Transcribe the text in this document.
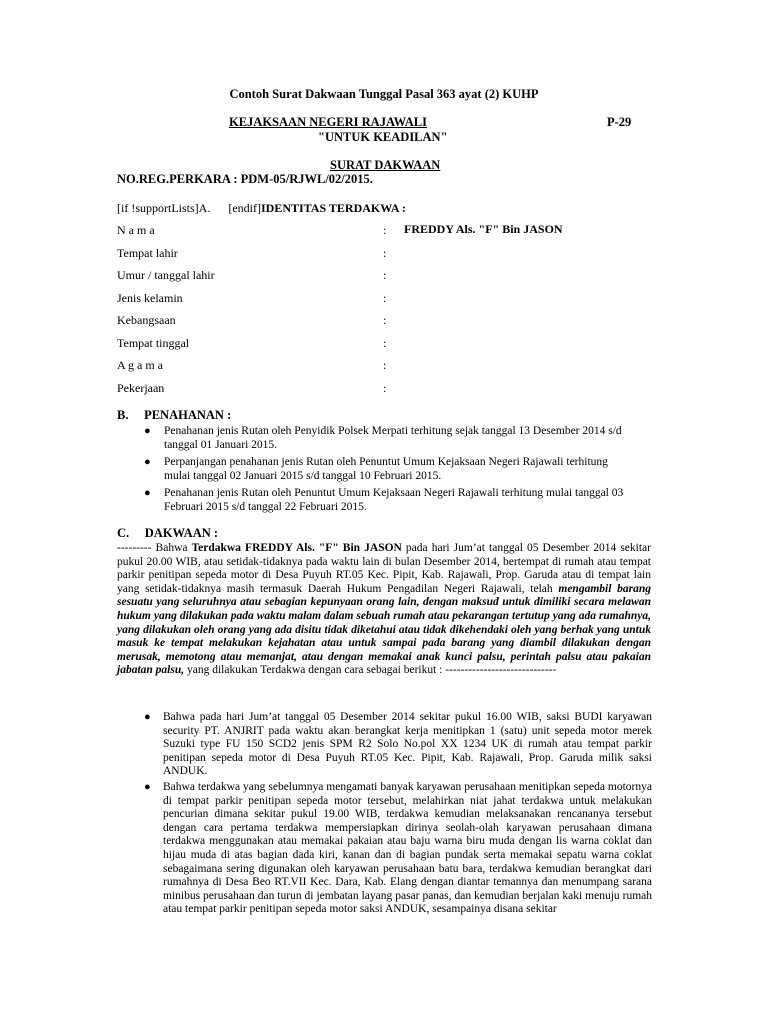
Contoh Surat Dakwaan Tunggal Pasal 363 ayat (2) KUHP
KEJAKSAAN NEGERI RAJAWALI	P-29
"UNTUK KEADILAN"
SURAT DAKWAAN
NO.REG.PERKARA : PDM-05/RJWL/02/2015.
[if !supportLists]A. [endif]IDENTITAS TERDAKWA :
N a m a	: FREDDY Als. "F" Bin JASON
Tempat lahir	:
Umur / tanggal lahir	:
Jenis kelamin	:
Kebangsaan	:
Tempat tinggal	:
A g a m a	:
Pekerjaan	:
B.     PENAHANAN :
● Penahanan jenis Rutan oleh Penyidik Polsek Merpati terhitung sejak tanggal 13 Desember 2014 s/d tanggal 01 Januari 2015.
● Perpanjangan penahanan jenis Rutan oleh Penuntut Umum Kejaksaan Negeri Rajawali terhitung mulai tanggal 02 Januari 2015 s/d tanggal 10 Februari 2015.
● Penahanan jenis Rutan oleh Penuntut Umum Kejaksaan Negeri Rajawali terhitung mulai tanggal 03 Februari 2015 s/d tanggal 22 Februari 2015.
C.     DAKWAAN :
--------- Bahwa Terdakwa FREDDY Als. "F" Bin JASON pada hari Jum’at tanggal 05 Desember 2014 sekitar pukul 20.00 WIB, atau setidak-tidaknya pada waktu lain di bulan Desember 2014, bertempat di rumah atau tempat parkir penitipan sepeda motor di Desa Puyuh RT.05 Kec. Pipit, Kab. Rajawali, Prop. Garuda atau di tempat lain yang setidak-tidaknya masih termasuk Daerah Hukum Pengadilan Negeri Rajawali, telah mengambil barang sesuatu yang seluruhnya atau sebagian kepunyaan orang lain, dengan maksud untuk dimiliki secara melawan hukum yang dilakukan pada waktu malam dalam sebuah rumah atau pekarangan tertutup yang ada rumahnya, yang dilakukan oleh orang yang ada disitu tidak diketahui atau tidak dikehendaki oleh yang berhak yang untuk masuk ke tempat melakukan kejahatan atau untuk sampai pada barang yang diambil dilakukan dengan merusak, memotong atau memanjat, atau dengan memakai anak kunci palsu, perintah palsu atau pakaian jabatan palsu, yang dilakukan Terdakwa dengan cara sebagai berikut : -----------------------------
● Bahwa pada hari Jum’at tanggal 05 Desember 2014 sekitar pukul 16.00 WIB, saksi BUDI karyawan security PT. ANJRIT pada waktu akan berangkat kerja menitipkan 1 (satu) unit sepeda motor merek Suzuki type FU 150 SCD2 jenis SPM R2 Solo No.pol XX 1234 UK di rumah atau tempat parkir penitipan sepeda motor di Desa Puyuh RT.05 Kec. Pipit, Kab. Rajawali, Prop. Garuda milik saksi ANDUK.
● Bahwa terdakwa yang sebelumnya mengamati banyak karyawan perusahaan menitipkan sepeda motornya di tempat parkir penitipan sepeda motor tersebut, melahirkan niat jahat terdakwa untuk melakukan pencurian dimana sekitar pukul 19.00 WIB, terdakwa kemudian melaksanakan rencananya tersebut dengan cara pertama terdakwa mempersiapkan dirinya seolah-olah karyawan perusahaan dimana terdakwa menggunakan atau memakai pakaian atau baju warna biru muda dengan lis warna coklat dan hijau muda di atas bagian dada kiri, kanan dan di bagian pundak serta memakai sepatu warna coklat sebagaimana sering digunakan oleh karyawan perusahaan batu bara, terdakwa kemudian berangkat dari rumahnya di Desa Beo RT.VII Kec. Dara, Kab. Elang dengan diantar temannya dan menumpang sarana minibus perusahaan dan turun di jembatan layang pasar panas, dan kemudian berjalan kaki menuju rumah atau tempat parkir penitipan sepeda motor saksi ANDUK, sesampainya disana sekitar
